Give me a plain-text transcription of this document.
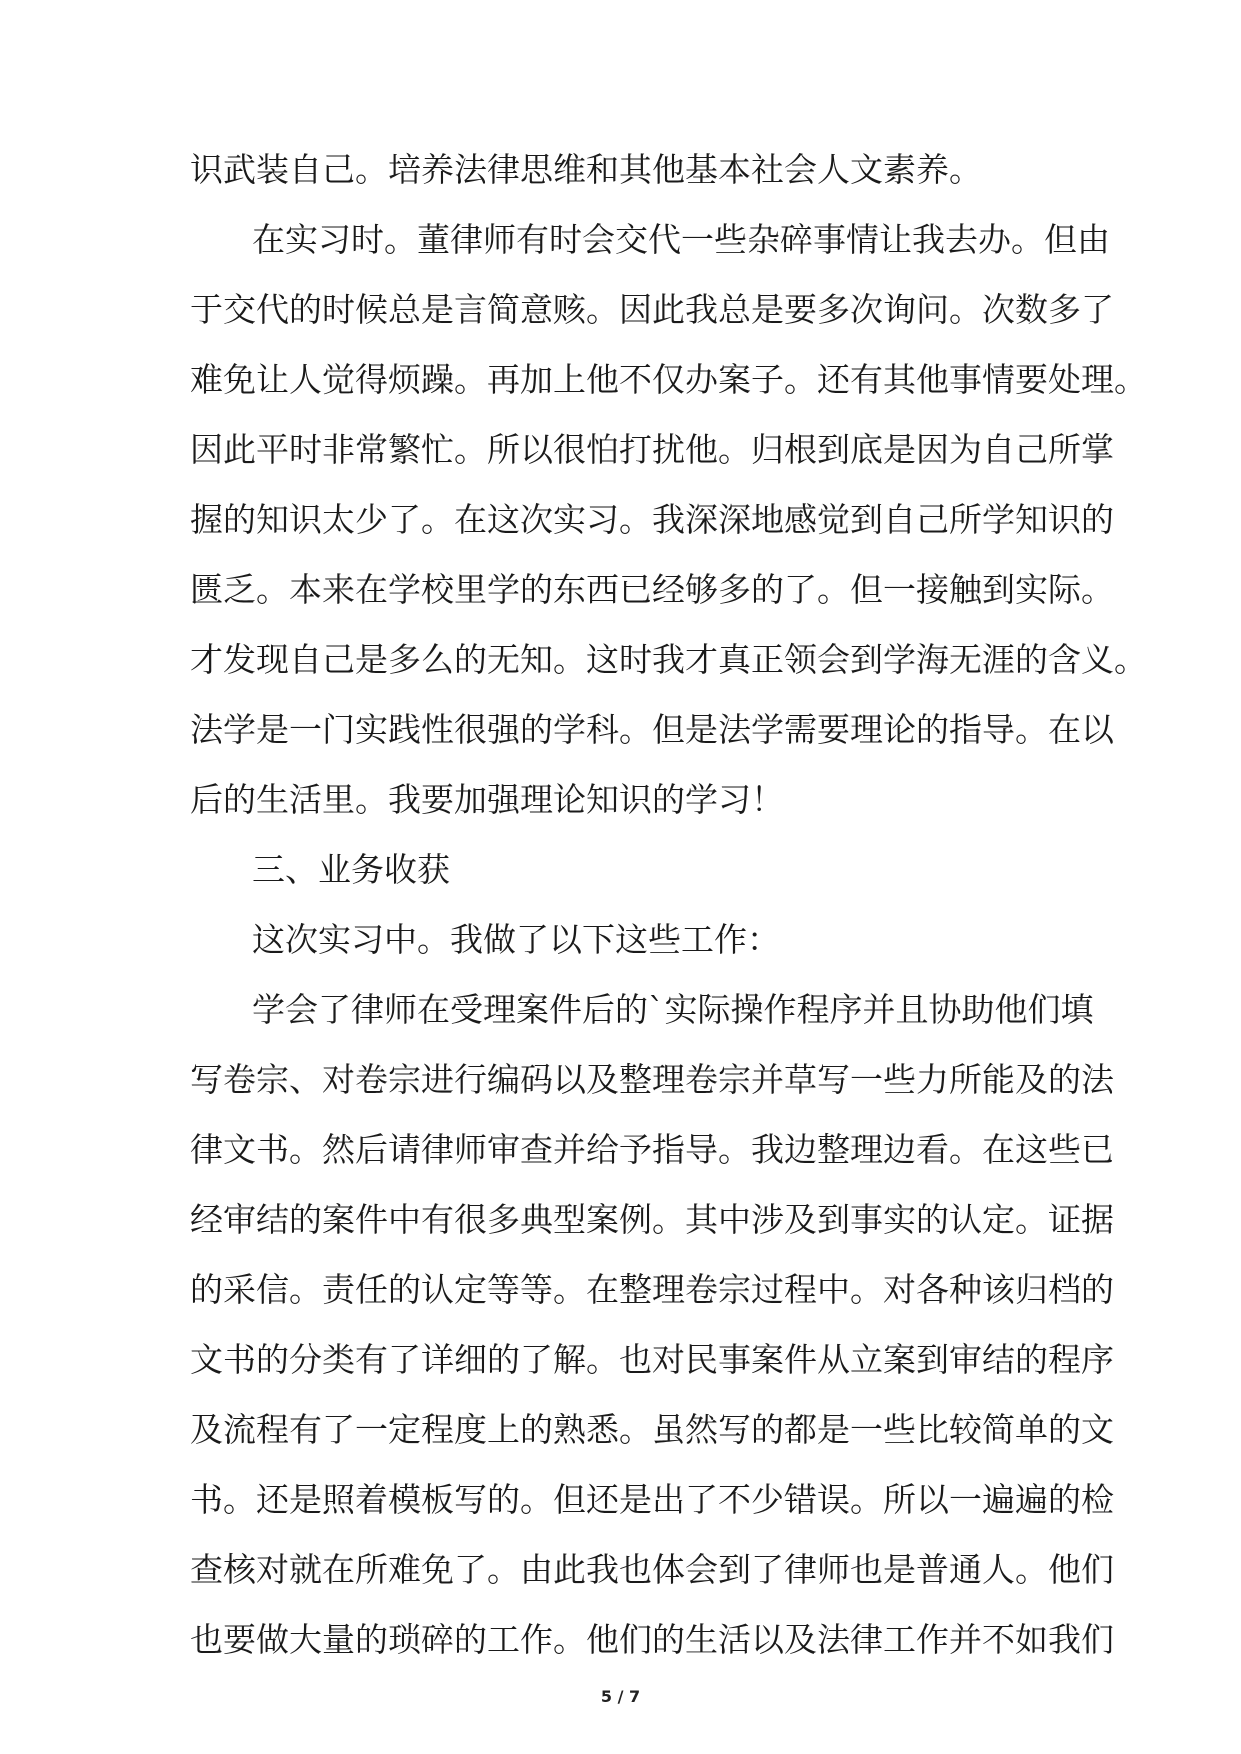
识武装自己。培养法律思维和其他基本社会人文素养。
在实习时。董律师有时会交代一些杂碎事情让我去办。但由
于交代的时候总是言简意赅。因此我总是要多次询问。次数多了
难免让人觉得烦躁。再加上他不仅办案子。还有其他事情要处理。
因此平时非常繁忙。所以很怕打扰他。归根到底是因为自己所掌
握的知识太少了。在这次实习。我深深地感觉到自己所学知识的
匮乏。本来在学校里学的东西已经够多的了。但一接触到实际。
才发现自己是多么的无知。这时我才真正领会到学海无涯的含义。
法学是一门实践性很强的学科。但是法学需要理论的指导。在以
后的生活里。我要加强理论知识的学习！
三、业务收获
这次实习中。我做了以下这些工作：
学会了律师在受理案件后的`实际操作程序并且协助他们填
写卷宗、对卷宗进行编码以及整理卷宗并草写一些力所能及的法
律文书。然后请律师审查并给予指导。我边整理边看。在这些已
经审结的案件中有很多典型案例。其中涉及到事实的认定。证据
的采信。责任的认定等等。在整理卷宗过程中。对各种该归档的
文书的分类有了详细的了解。也对民事案件从立案到审结的程序
及流程有了一定程度上的熟悉。虽然写的都是一些比较简单的文
书。还是照着模板写的。但还是出了不少错误。所以一遍遍的检
查核对就在所难免了。由此我也体会到了律师也是普通人。他们
也要做大量的琐碎的工作。他们的生活以及法律工作并不如我们
5 / 7
